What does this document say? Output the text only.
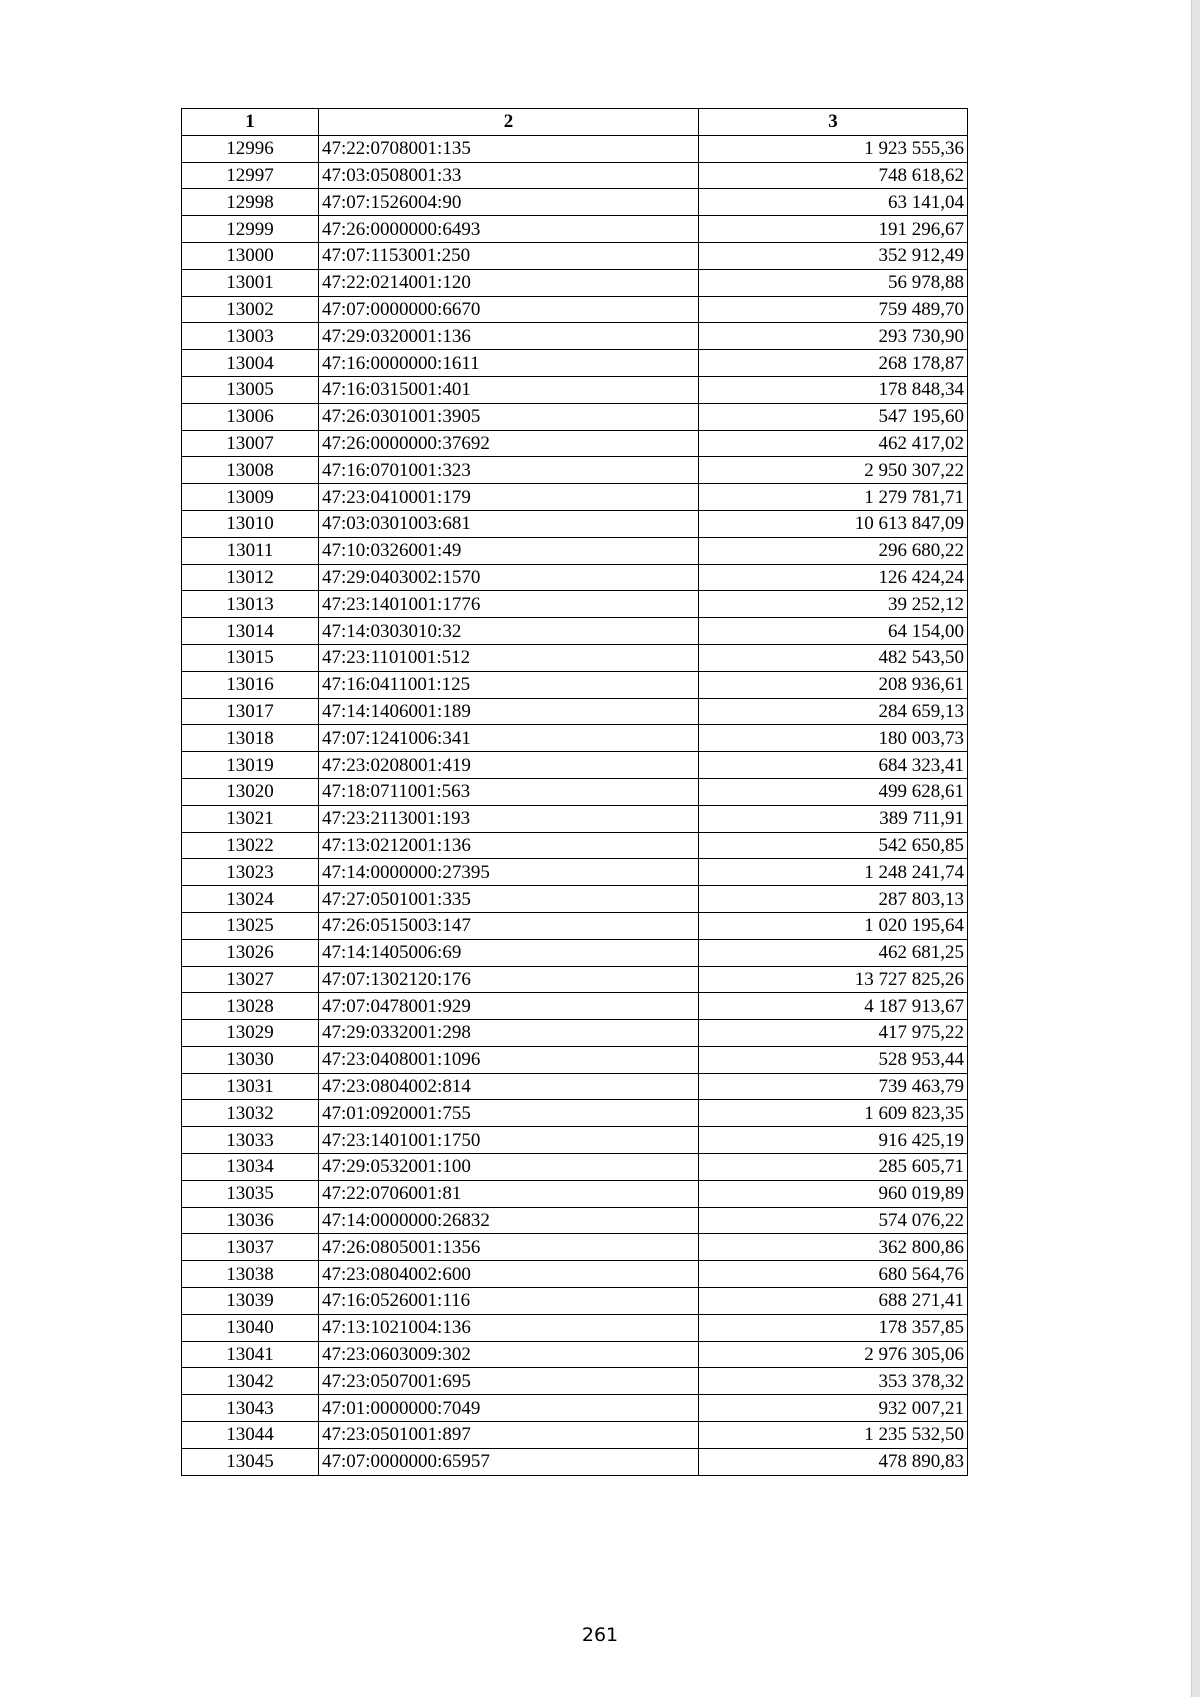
1	2	3
12996	47:22:0708001:135	1 923 555,36
12997	47:03:0508001:33	748 618,62
12998	47:07:1526004:90	63 141,04
12999	47:26:0000000:6493	191 296,67
13000	47:07:1153001:250	352 912,49
13001	47:22:0214001:120	56 978,88
13002	47:07:0000000:6670	759 489,70
13003	47:29:0320001:136	293 730,90
13004	47:16:0000000:1611	268 178,87
13005	47:16:0315001:401	178 848,34
13006	47:26:0301001:3905	547 195,60
13007	47:26:0000000:37692	462 417,02
13008	47:16:0701001:323	2 950 307,22
13009	47:23:0410001:179	1 279 781,71
13010	47:03:0301003:681	10 613 847,09
13011	47:10:0326001:49	296 680,22
13012	47:29:0403002:1570	126 424,24
13013	47:23:1401001:1776	39 252,12
13014	47:14:0303010:32	64 154,00
13015	47:23:1101001:512	482 543,50
13016	47:16:0411001:125	208 936,61
13017	47:14:1406001:189	284 659,13
13018	47:07:1241006:341	180 003,73
13019	47:23:0208001:419	684 323,41
13020	47:18:0711001:563	499 628,61
13021	47:23:2113001:193	389 711,91
13022	47:13:0212001:136	542 650,85
13023	47:14:0000000:27395	1 248 241,74
13024	47:27:0501001:335	287 803,13
13025	47:26:0515003:147	1 020 195,64
13026	47:14:1405006:69	462 681,25
13027	47:07:1302120:176	13 727 825,26
13028	47:07:0478001:929	4 187 913,67
13029	47:29:0332001:298	417 975,22
13030	47:23:0408001:1096	528 953,44
13031	47:23:0804002:814	739 463,79
13032	47:01:0920001:755	1 609 823,35
13033	47:23:1401001:1750	916 425,19
13034	47:29:0532001:100	285 605,71
13035	47:22:0706001:81	960 019,89
13036	47:14:0000000:26832	574 076,22
13037	47:26:0805001:1356	362 800,86
13038	47:23:0804002:600	680 564,76
13039	47:16:0526001:116	688 271,41
13040	47:13:1021004:136	178 357,85
13041	47:23:0603009:302	2 976 305,06
13042	47:23:0507001:695	353 378,32
13043	47:01:0000000:7049	932 007,21
13044	47:23:0501001:897	1 235 532,50
13045	47:07:0000000:65957	478 890,83
261
